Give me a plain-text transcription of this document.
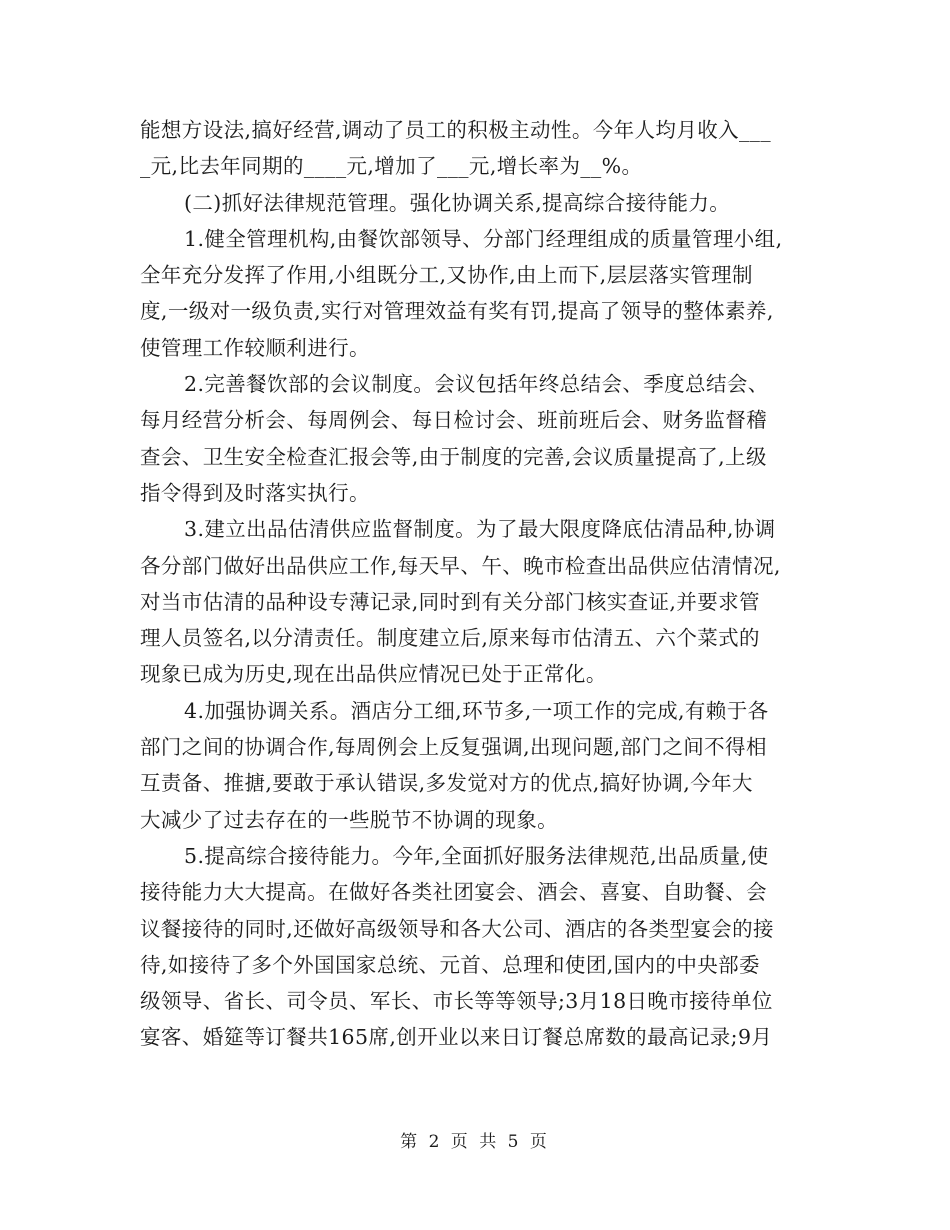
能想方设法,搞好经营,调动了员工的积极主动性。今年人均月收入___
_元,比去年同期的____元,增加了___元,增长率为__%。
(二)抓好法律规范管理。强化协调关系,提高综合接待能力。
1.健全管理机构,由餐饮部领导、分部门经理组成的质量管理小组,
全年充分发挥了作用,小组既分工,又协作,由上而下,层层落实管理制
度,一级对一级负责,实行对管理效益有奖有罚,提高了领导的整体素养,
使管理工作较顺利进行。
2.完善餐饮部的会议制度。会议包括年终总结会、季度总结会、
每月经营分析会、每周例会、每日检讨会、班前班后会、财务监督稽
查会、卫生安全检查汇报会等,由于制度的完善,会议质量提高了,上级
指令得到及时落实执行。
3.建立出品估清供应监督制度。为了最大限度降底估清品种,协调
各分部门做好出品供应工作,每天早、午、晚市检查出品供应估清情况,
对当市估清的品种设专薄记录,同时到有关分部门核实查证,并要求管
理人员签名,以分清责任。制度建立后,原来每市估清五、六个菜式的
现象已成为历史,现在出品供应情况已处于正常化。
4.加强协调关系。酒店分工细,环节多,一项工作的完成,有赖于各
部门之间的协调合作,每周例会上反复强调,出现问题,部门之间不得相
互责备、推搪,要敢于承认错误,多发觉对方的优点,搞好协调,今年大
大减少了过去存在的一些脱节不协调的现象。
5.提高综合接待能力。今年,全面抓好服务法律规范,出品质量,使
接待能力大大提高。在做好各类社团宴会、酒会、喜宴、自助餐、会
议餐接待的同时,还做好高级领导和各大公司、酒店的各类型宴会的接
待,如接待了多个外国国家总统、元首、总理和使团,国内的中央部委
级领导、省长、司令员、军长、市长等等领导;3月18日晚市接待单位
宴客、婚筵等订餐共165席,创开业以来日订餐总席数的最高记录;9月
第 2 页 共 5 页
